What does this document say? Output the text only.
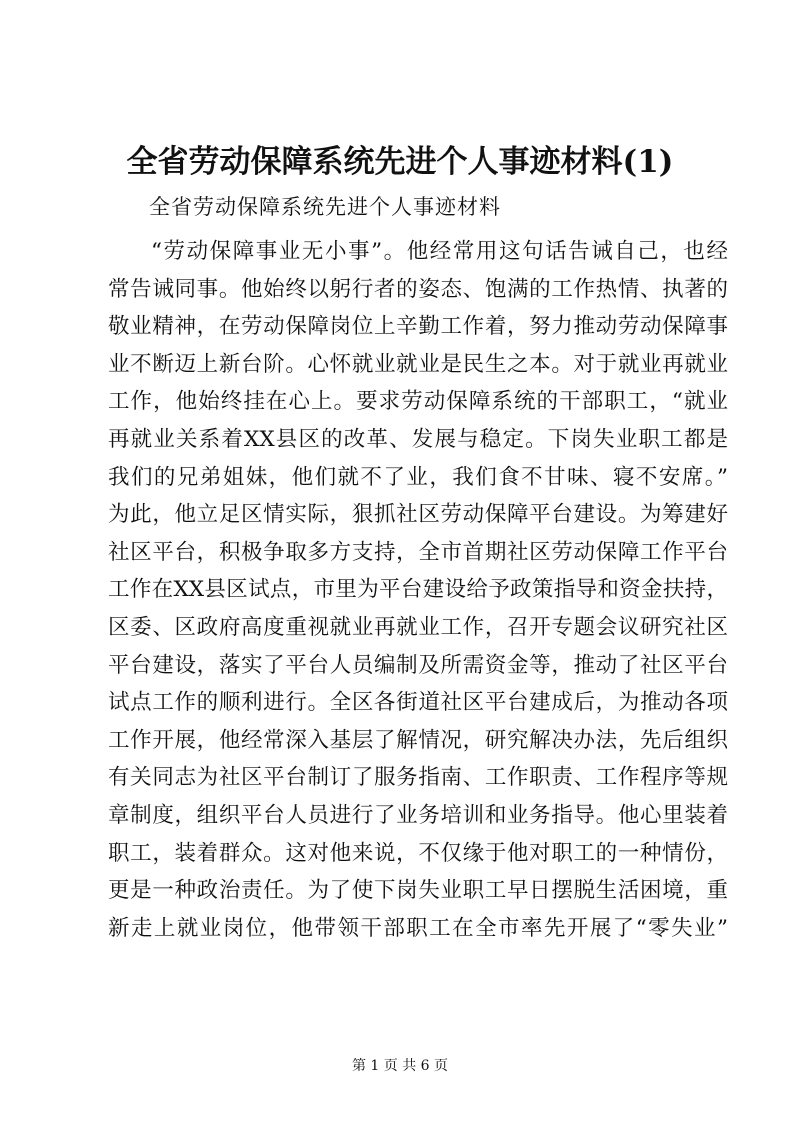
全省劳动保障系统先进个人事迹材料(1)
全省劳动保障系统先进个人事迹材料
“劳动保障事业无小事”。他经常用这句话告诫自己，也经
常告诫同事。他始终以躬行者的姿态、饱满的工作热情、执著的
敬业精神，在劳动保障岗位上辛勤工作着，努力推动劳动保障事
业不断迈上新台阶。心怀就业就业是民生之本。对于就业再就业
工作，他始终挂在心上。要求劳动保障系统的干部职工，“就业
再就业关系着XX县区的改革、发展与稳定。下岗失业职工都是
我们的兄弟姐妹，他们就不了业，我们食不甘味、寝不安席。”
为此，他立足区情实际，狠抓社区劳动保障平台建设。为筹建好
社区平台，积极争取多方支持，全市首期社区劳动保障工作平台
工作在XX县区试点，市里为平台建设给予政策指导和资金扶持，
区委、区政府高度重视就业再就业工作，召开专题会议研究社区
平台建设，落实了平台人员编制及所需资金等，推动了社区平台
试点工作的顺利进行。全区各街道社区平台建成后，为推动各项
工作开展，他经常深入基层了解情况，研究解决办法，先后组织
有关同志为社区平台制订了服务指南、工作职责、工作程序等规
章制度，组织平台人员进行了业务培训和业务指导。他心里装着
职工，装着群众。这对他来说，不仅缘于他对职工的一种情份，
更是一种政治责任。为了使下岗失业职工早日摆脱生活困境，重
新走上就业岗位，他带领干部职工在全市率先开展了“零失业”
第 1 页 共 6 页
